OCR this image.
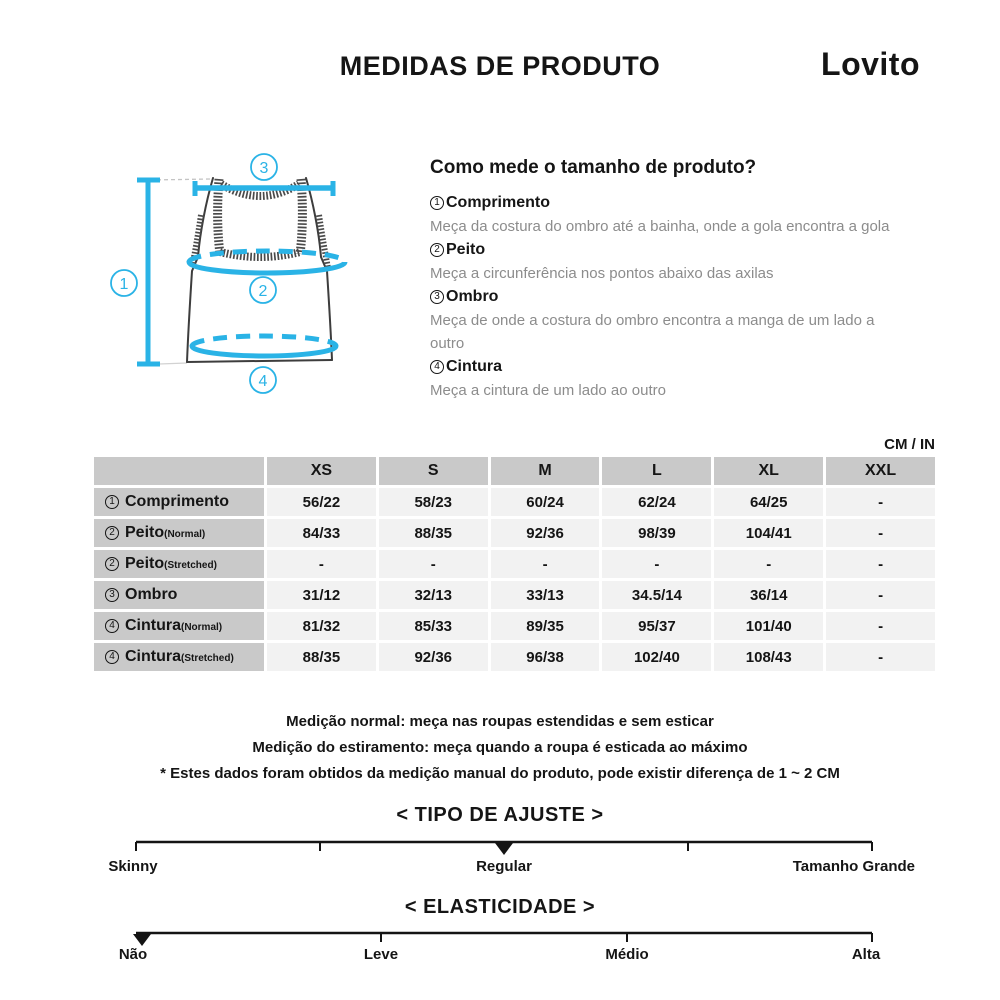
MEDIDAS DE PRODUTO	Lovito
1	2
3
4
Como mede o tamanho de produto?
1 Comprimento
Meça da costura do ombro até a bainha, onde a gola encontra a gola
2 Peito
Meça a circunferência nos pontos abaixo das axilas
3 Ombro
Meça de onde a costura do ombro encontra a manga de um lado a
outro
4 Cintura
Meça a cintura de um lado ao outro
CM / IN
	XS	S	M	L	XL	XXL

1 Comprimento	56/22	58/23	60/24	62/24	64/25	-

2 Peito (Normal)	84/33	88/35	92/36	98/39	104/41	-

2 Peito (Stretched)	-	-	-	-	-	-

3 Ombro	31/12	32/13	33/13	34.5/14	36/14	-

4 Cintura (Normal)	81/32	85/33	89/35	95/37	101/40	-

4 Cintura (Stretched)	88/35	92/36	96/38	102/40	108/43	-
Medição normal: meça nas roupas estendidas e sem esticar
Medição do estiramento: meça quando a roupa é esticada ao máximo
* Estes dados foram obtidos da medição manual do produto, pode existir diferença de 1 ~ 2 CM
< TIPO DE AJUSTE >
Skinny	Regular	Tamanho Grande
< ELASTICIDADE >
Não	Leve	Médio	Alta
